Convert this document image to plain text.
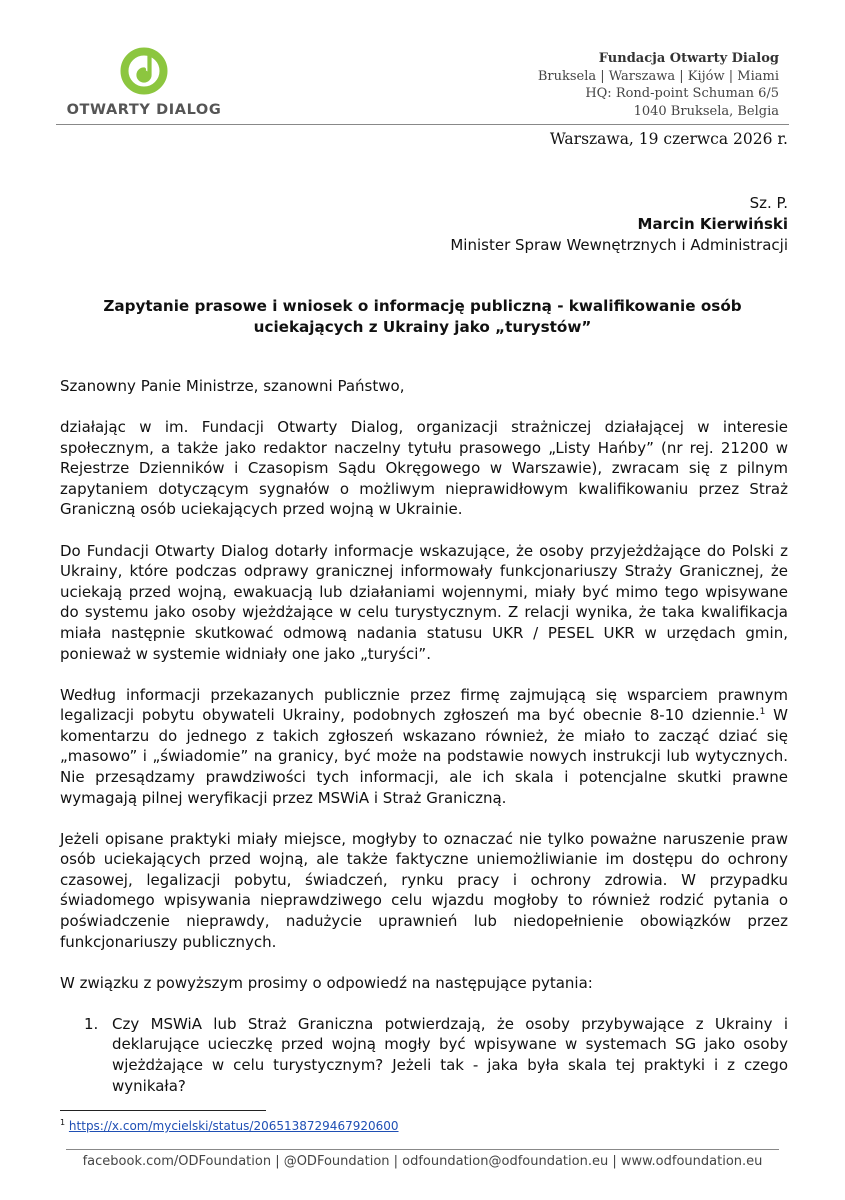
OTWARTY DIALOG
Fundacja Otwarty Dialog
Bruksela | Warszawa | Kijów | Miami
HQ: Rond-point Schuman 6/5
1040 Bruksela, Belgia
Warszawa, 19 czerwca 2026 r.
Sz. P.
Marcin Kierwiński
Minister Spraw Wewnętrznych i Administracji
Zapytanie prasowe i wniosek o informację publiczną - kwalifikowanie osób
uciekających z Ukrainy jako „turystów”

Szanowny Panie Ministrze, szanowni Państwo,

działając w im. Fundacji Otwarty Dialog, organizacji strażniczej działającej w interesie społecznym, a także jako redaktor naczelny tytułu prasowego „Listy Hańby” (nr rej. 21200 w Rejestrze Dzienników i Czasopism Sądu Okręgowego w Warszawie), zwracam się z pilnym zapytaniem dotyczącym sygnałów o możliwym nieprawidłowym kwalifikowaniu przez Straż Graniczną osób uciekających przed wojną w Ukrainie.

Do Fundacji Otwarty Dialog dotarły informacje wskazujące, że osoby przyjeżdżające do Polski z Ukrainy, które podczas odprawy granicznej informowały funkcjonariuszy Straży Granicznej, że uciekają przed wojną, ewakuacją lub działaniami wojennymi, miały być mimo tego wpisywane do systemu jako osoby wjeżdżające w celu turystycznym. Z relacji wynika, że taka kwalifikacja miała następnie skutkować odmową nadania statusu UKR / PESEL UKR w urzędach gmin, ponieważ w systemie widniały one jako „turyści”.

Według informacji przekazanych publicznie przez firmę zajmującą się wsparciem prawnym legalizacji pobytu obywateli Ukrainy, podobnych zgłoszeń ma być obecnie 8-10 dziennie.$^1$ W komentarzu do jednego z takich zgłoszeń wskazano również, że miało to zacząć dziać się „masowo” i „świadomie” na granicy, być może na podstawie nowych instrukcji lub wytycznych. Nie przesądzamy prawdziwości tych informacji, ale ich skala i potencjalne skutki prawne wymagają pilnej weryfikacji przez MSWiA i Straż Graniczną.

Jeżeli opisane praktyki miały miejsce, mogłyby to oznaczać nie tylko poważne naruszenie praw osób uciekających przed wojną, ale także faktyczne uniemożliwianie im dostępu do ochrony czasowej, legalizacji pobytu, świadczeń, rynku pracy i ochrony zdrowia. W przypadku świadomego wpisywania nieprawdziwego celu wjazdu mogłoby to również rodzić pytania o poświadczenie nieprawdy, nadużycie uprawnień lub niedopełnienie obowiązków przez funkcjonariuszy publicznych.

W związku z powyższym prosimy o odpowiedź na następujące pytania:

1. Czy MSWiA lub Straż Graniczna potwierdzają, że osoby przybywające z Ukrainy i deklarujące ucieczkę przed wojną mogły być wpisywane w systemach SG jako osoby wjeżdżające w celu turystycznym? Jeżeli tak - jaka była skala tej praktyki i z czego wynikała?
$^1$ https://x.com/mycielski/status/2065138729467920600
facebook.com/ODFoundation | @ODFoundation | odfoundation@odfoundation.eu | www.odfoundation.eu
